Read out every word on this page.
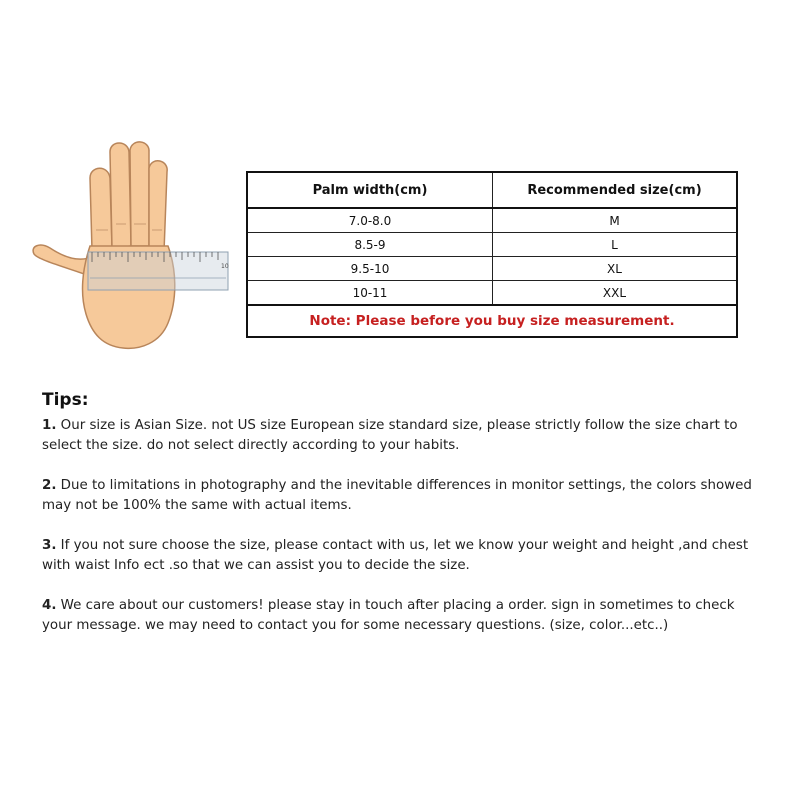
10
Palm width(cm)	Recommended size(cm)
7.0-8.0	M
8.5-9	L
9.5-10	XL
10-11	XXL
Note: Please before you buy size measurement.	
Tips:

1. Our size is Asian Size. not US size European size standard size, please strictly follow the size chart to select the size. do not select directly according to your habits.

2. Due to limitations in photography and the inevitable differences in monitor settings, the colors showed may not be 100% the same with actual items.

3. If you not sure choose the size, please contact with us, let we know your weight and height ,and chest with waist Info ect .so that we can assist you to decide the size.

4. We care about our customers! please stay in touch after placing a order. sign in sometimes to check your message. we may need to contact you for some necessary questions. (size, color...etc..)
